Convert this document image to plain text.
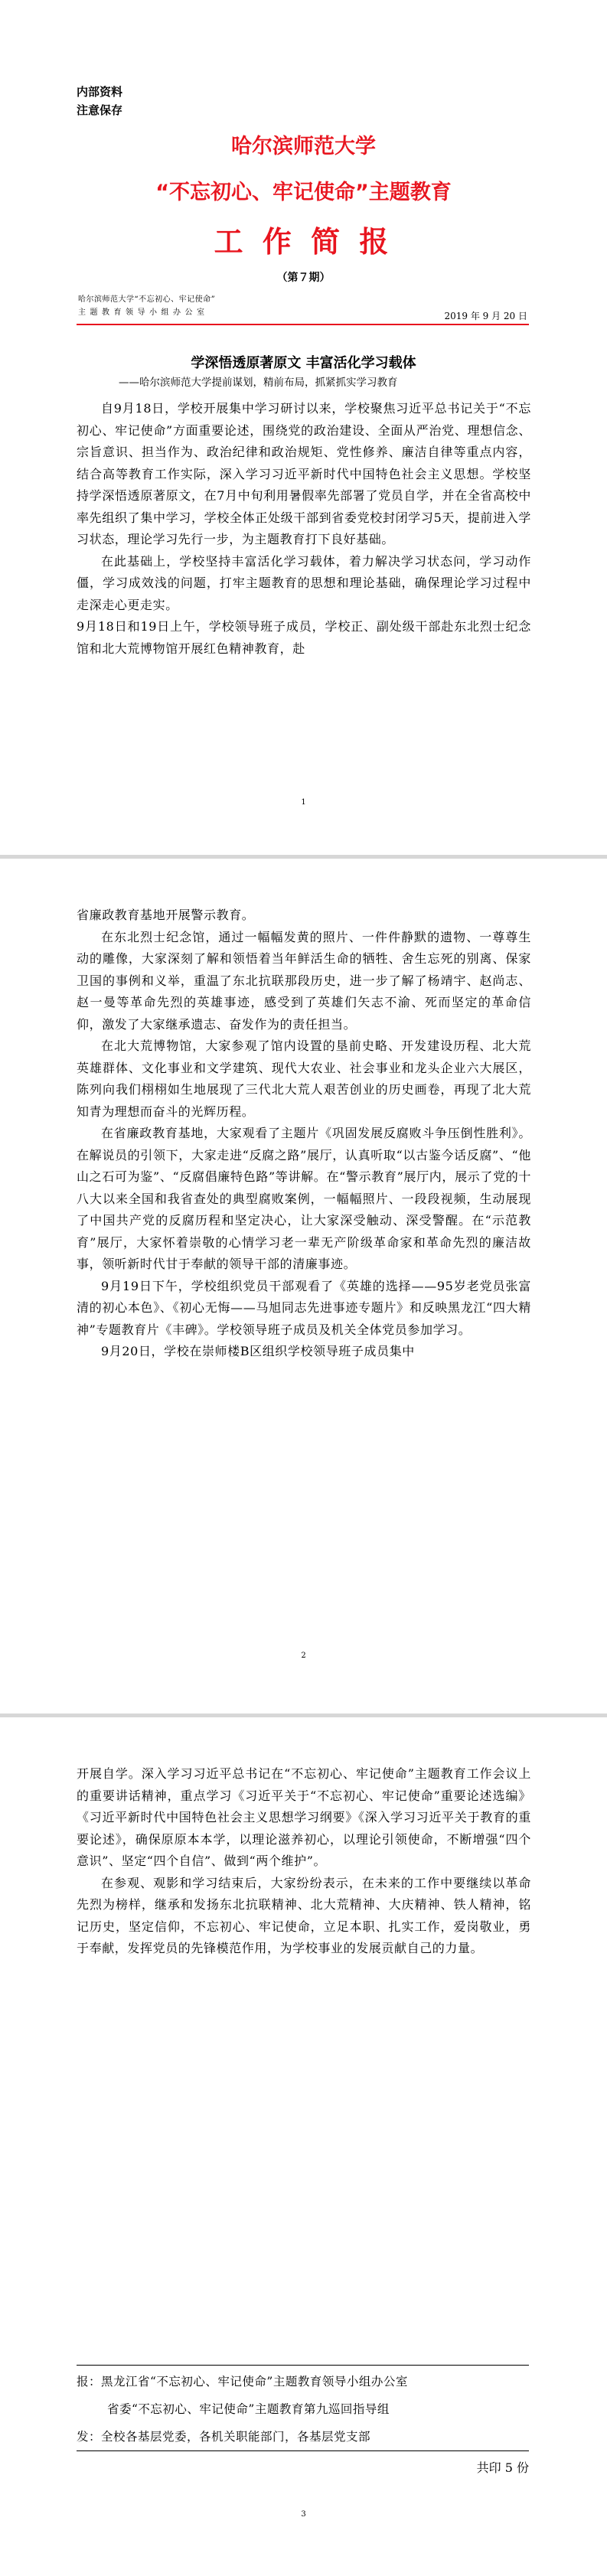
内部资料
注意保存
哈尔滨师范大学
“不忘初心、牢记使命”主题教育
工 作 简 报
（第７期）
哈尔滨师范大学“不忘初心、牢记使命”
主题教育领导小组办公室	2019 年 9 月 20 日
学深悟透原著原文 丰富活化学习载体
——哈尔滨师范大学提前谋划，精前布局，抓紧抓实学习教育

自9月18日，学校开展集中学习研讨以来，学校聚焦习近平总书记关于“不忘初心、牢记使命”方面重要论述，围绕党的政治建设、全面从严治党、理想信念、宗旨意识、担当作为、政治纪律和政治规矩、党性修养、廉洁自律等重点内容，结合高等教育工作实际，深入学习习近平新时代中国特色社会主义思想。学校坚持学深悟透原著原文，在7月中旬利用暑假率先部署了党员自学，并在全省高校中率先组织了集中学习，学校全体正处级干部到省委党校封闭学习5天，提前进入学习状态，理论学习先行一步，为主题教育打下良好基础。

在此基础上，学校坚持丰富活化学习载体，着力解决学习状态问，学习动作僵，学习成效浅的问题，打牢主题教育的思想和理论基础，确保理论学习过程中走深走心更走实。

9月18日和19日上午，学校领导班子成员，学校正、副处级干部赴东北烈士纪念馆和北大荒博物馆开展红色精神教育，赴

1

省廉政教育基地开展警示教育。

在东北烈士纪念馆，通过一幅幅发黄的照片、一件件静默的遗物、一尊尊生动的雕像，大家深刻了解和领悟着当年鲜活生命的牺牲、舍生忘死的别离、保家卫国的事例和义举，重温了东北抗联那段历史，进一步了解了杨靖宇、赵尚志、赵一曼等革命先烈的英雄事迹，感受到了英雄们矢志不渝、死而坚定的革命信仰，激发了大家继承遗志、奋发作为的责任担当。

在北大荒博物馆，大家参观了馆内设置的垦前史略、开发建设历程、北大荒英雄群体、文化事业和文学建筑、现代大农业、社会事业和龙头企业六大展区，陈列向我们栩栩如生地展现了三代北大荒人艰苦创业的历史画卷，再现了北大荒知青为理想而奋斗的光辉历程。

在省廉政教育基地，大家观看了主题片《巩固发展反腐败斗争压倒性胜利》。在解说员的引领下，大家走进“反腐之路”展厅，认真听取“以古鉴今话反腐”、“他山之石可为鉴”、“反腐倡廉特色路”等讲解。在“警示教育”展厅内，展示了党的十八大以来全国和我省查处的典型腐败案例，一幅幅照片、一段段视频，生动展现了中国共产党的反腐历程和坚定决心，让大家深受触动、深受警醒。在“示范教育”展厅，大家怀着崇敬的心情学习老一辈无产阶级革命家和革命先烈的廉洁故事，领听新时代甘于奉献的领导干部的清廉事迹。

9月19日下午，学校组织党员干部观看了《英雄的选择——95岁老党员张富清的初心本色》、《初心无悔——马旭同志先进事迹专题片》和反映黑龙江“四大精神”专题教育片《丰碑》。学校领导班子成员及机关全体党员参加学习。

9月20日，学校在崇师楼B区组织学校领导班子成员集中

2

开展自学。深入学习习近平总书记在“不忘初心、牢记使命”主题教育工作会议上的重要讲话精神，重点学习《习近平关于“不忘初心、牢记使命”重要论述选编》《习近平新时代中国特色社会主义思想学习纲要》《深入学习习近平关于教育的重要论述》，确保原原本本学，以理论滋养初心，以理论引领使命，不断增强“四个意识”、坚定“四个自信”、做到“两个维护”。

在参观、观影和学习结束后，大家纷纷表示，在未来的工作中要继续以革命先烈为榜样，继承和发扬东北抗联精神、北大荒精神、大庆精神、铁人精神，铭记历史，坚定信仰，不忘初心、牢记使命，立足本职、扎实工作，爱岗敬业，勇于奉献，发挥党员的先锋模范作用，为学校事业的发展贡献自己的力量。

报：黑龙江省“不忘初心、牢记使命”主题教育领导小组办公室
省委“不忘初心、牢记使命”主题教育第九巡回指导组
发：全校各基层党委，各机关职能部门，各基层党支部
共印 5 份
3
